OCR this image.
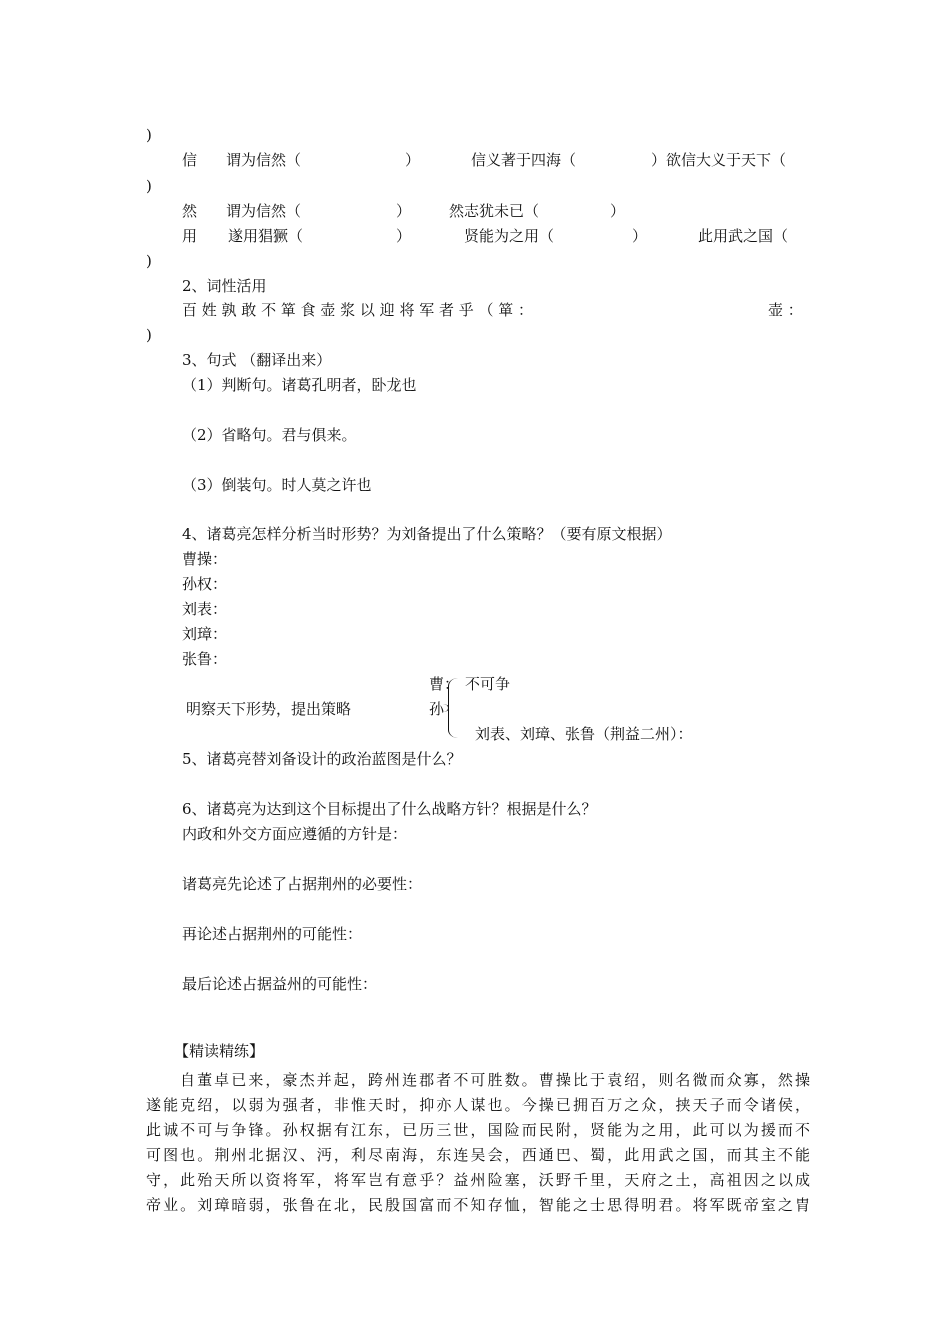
)
信 谓为信然（	）	信义著于四海（	）欲信大义于天下（
)
然 谓为信然（	）	然志犹未已（	）
用 遂用猖獗（	）	贤能为之用（	）	此用武之国（
)
2、词性活用
百 姓 孰 敢 不 箪 食 壶 浆 以 迎 将 军 者 乎 （ 箪 ：	壶 ：
)
3、句式 （翻译出来）
（1）判断句。诸葛孔明者，卧龙也
（2）省略句。君与俱来。
（3）倒装句。时人莫之许也
4、诸葛亮怎样分析当时形势？为刘备提出了什么策略？（要有原文根据）
曹操：
孙权：
刘表：
刘璋：
张鲁：
明察天下形势，提出策略
曹：
孙
不可争
刘表、刘璋、张鲁（荆益二州）：
5、诸葛亮替刘备设计的政治蓝图是什么？
6、诸葛亮为达到这个目标提出了什么战略方针？根据是什么？
内政和外交方面应遵循的方针是：
诸葛亮先论述了占据荆州的必要性：
再论述占据荆州的可能性：
最后论述占据益州的可能性：
【精读精练】
自董卓已来，豪杰并起，跨州连郡者不可胜数。曹操比于袁绍，则名微而众寡，然操
遂能克绍，以弱为强者，非惟天时，抑亦人谋也。今操已拥百万之众，挟天子而令诸侯，
此诚不可与争锋。孙权据有江东，已历三世，国险而民附，贤能为之用，此可以为援而不
可图也。荆州北据汉、沔，利尽南海，东连吴会，西通巴、蜀，此用武之国，而其主不能
守，此殆天所以资将军，将军岂有意乎？益州险塞，沃野千里，天府之土，高祖因之以成
帝业。刘璋暗弱，张鲁在北，民殷国富而不知存恤，智能之士思得明君。将军既帝室之胄
